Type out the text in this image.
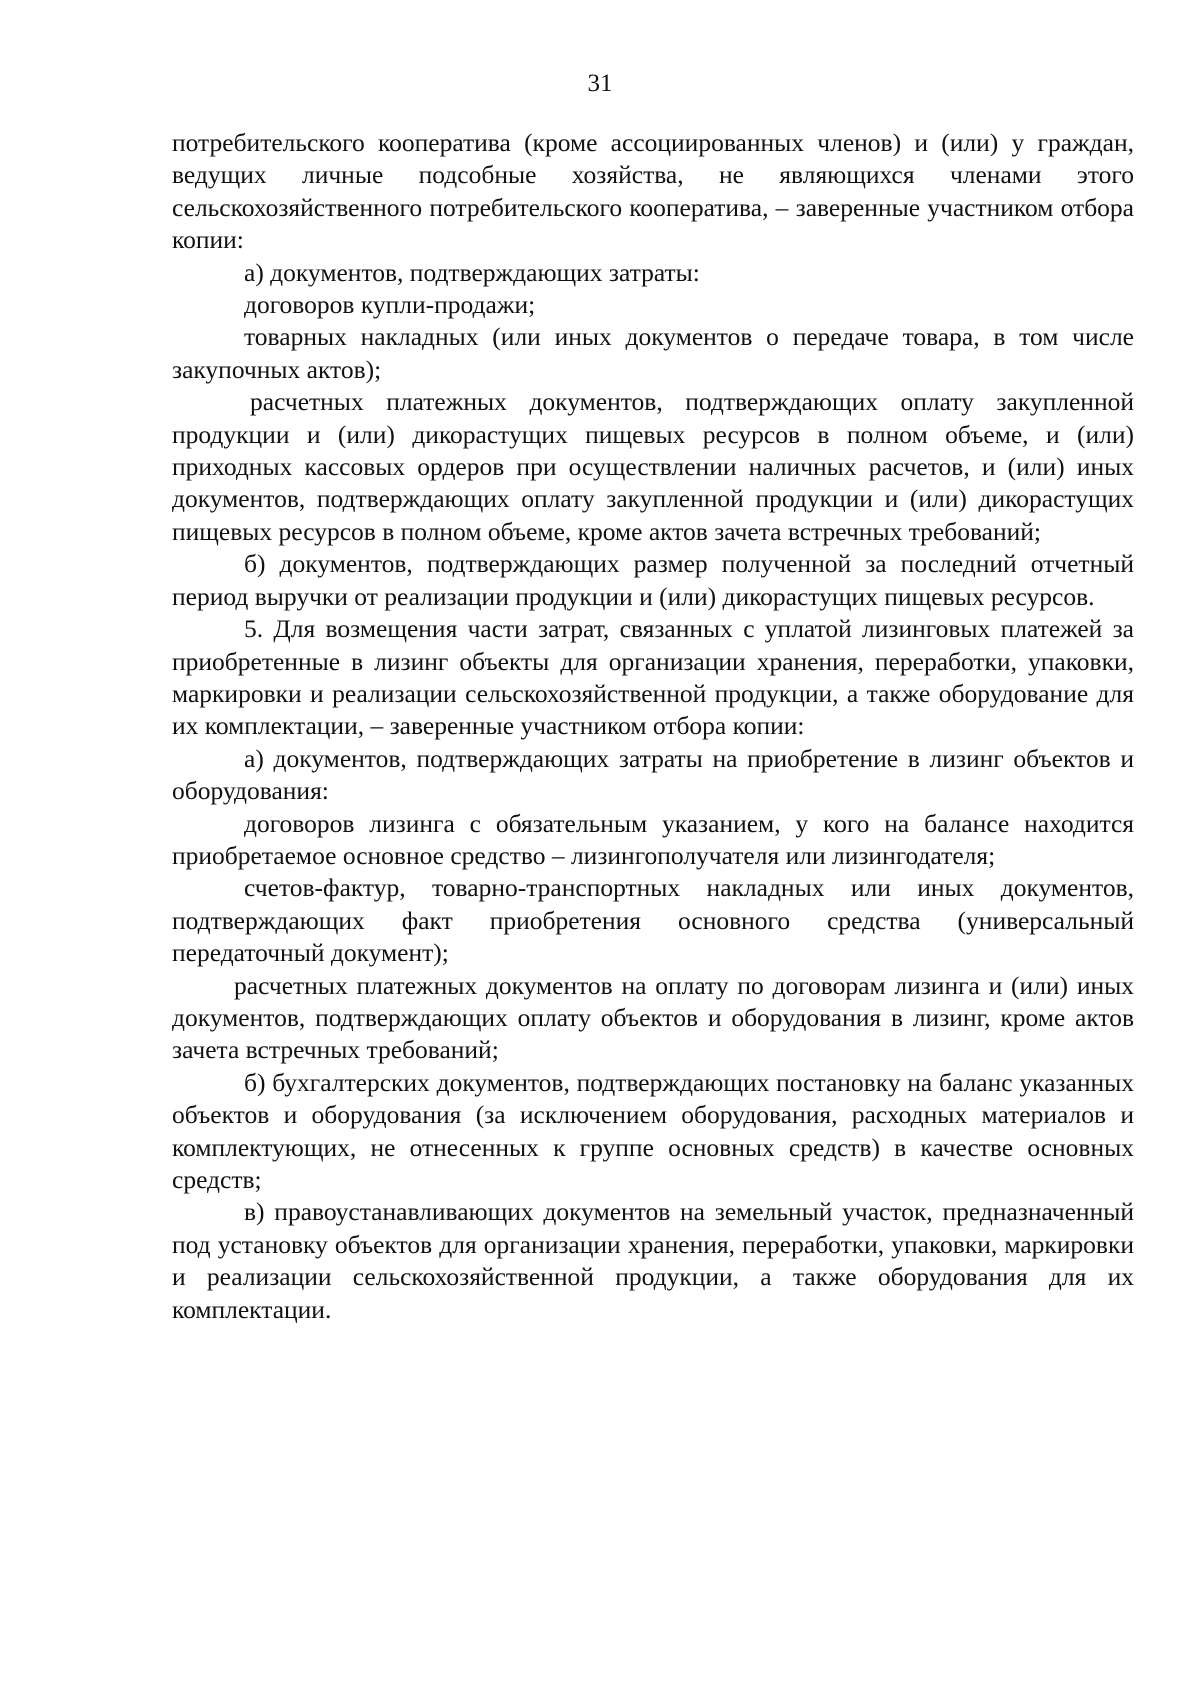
31

потребительского кооператива (кроме ассоциированных членов) и (или) у граждан, ведущих личные подсобные хозяйства, не являющихся членами этого сельскохозяйственного потребительского кооператива, – заверенные участником отбора копии:

а) документов, подтверждающих затраты:

договоров купли-продажи;

товарных накладных (или иных документов о передаче товара, в том числе закупочных актов);

расчетных платежных документов, подтверждающих оплату закупленной продукции и (или) дикорастущих пищевых ресурсов в полном объеме, и (или) приходных кассовых ордеров при осуществлении наличных расчетов, и (или) иных документов, подтверждающих оплату закупленной продукции и (или) дикорастущих пищевых ресурсов в полном объеме, кроме актов зачета встречных требований;

б) документов, подтверждающих размер полученной за последний отчетный период выручки от реализации продукции и (или) дикорастущих пищевых ресурсов.

5. Для возмещения части затрат, связанных с уплатой лизинговых платежей за приобретенные в лизинг объекты для организации хранения, переработки, упаковки, маркировки и реализации сельскохозяйственной продукции, а также оборудование для их комплектации, – заверенные участником отбора копии:

а) документов, подтверждающих затраты на приобретение в лизинг объектов и оборудования:

договоров лизинга с обязательным указанием, у кого на балансе находится приобретаемое основное средство – лизингополучателя или лизингодателя;

счетов-фактур, товарно-транспортных накладных или иных документов, подтверждающих факт приобретения основного средства (универсальный передаточный документ);

расчетных платежных документов на оплату по договорам лизинга и (или) иных документов, подтверждающих оплату объектов и оборудования в лизинг, кроме актов зачета встречных требований;

б) бухгалтерских документов, подтверждающих постановку на баланс указанных объектов и оборудования (за исключением оборудования, расходных материалов и комплектующих, не отнесенных к группе основных средств) в качестве основных средств;

в) правоустанавливающих документов на земельный участок, предназначенный под установку объектов для организации хранения, переработки, упаковки, маркировки и реализации сельскохозяйственной продукции, а также оборудования для их комплектации.
